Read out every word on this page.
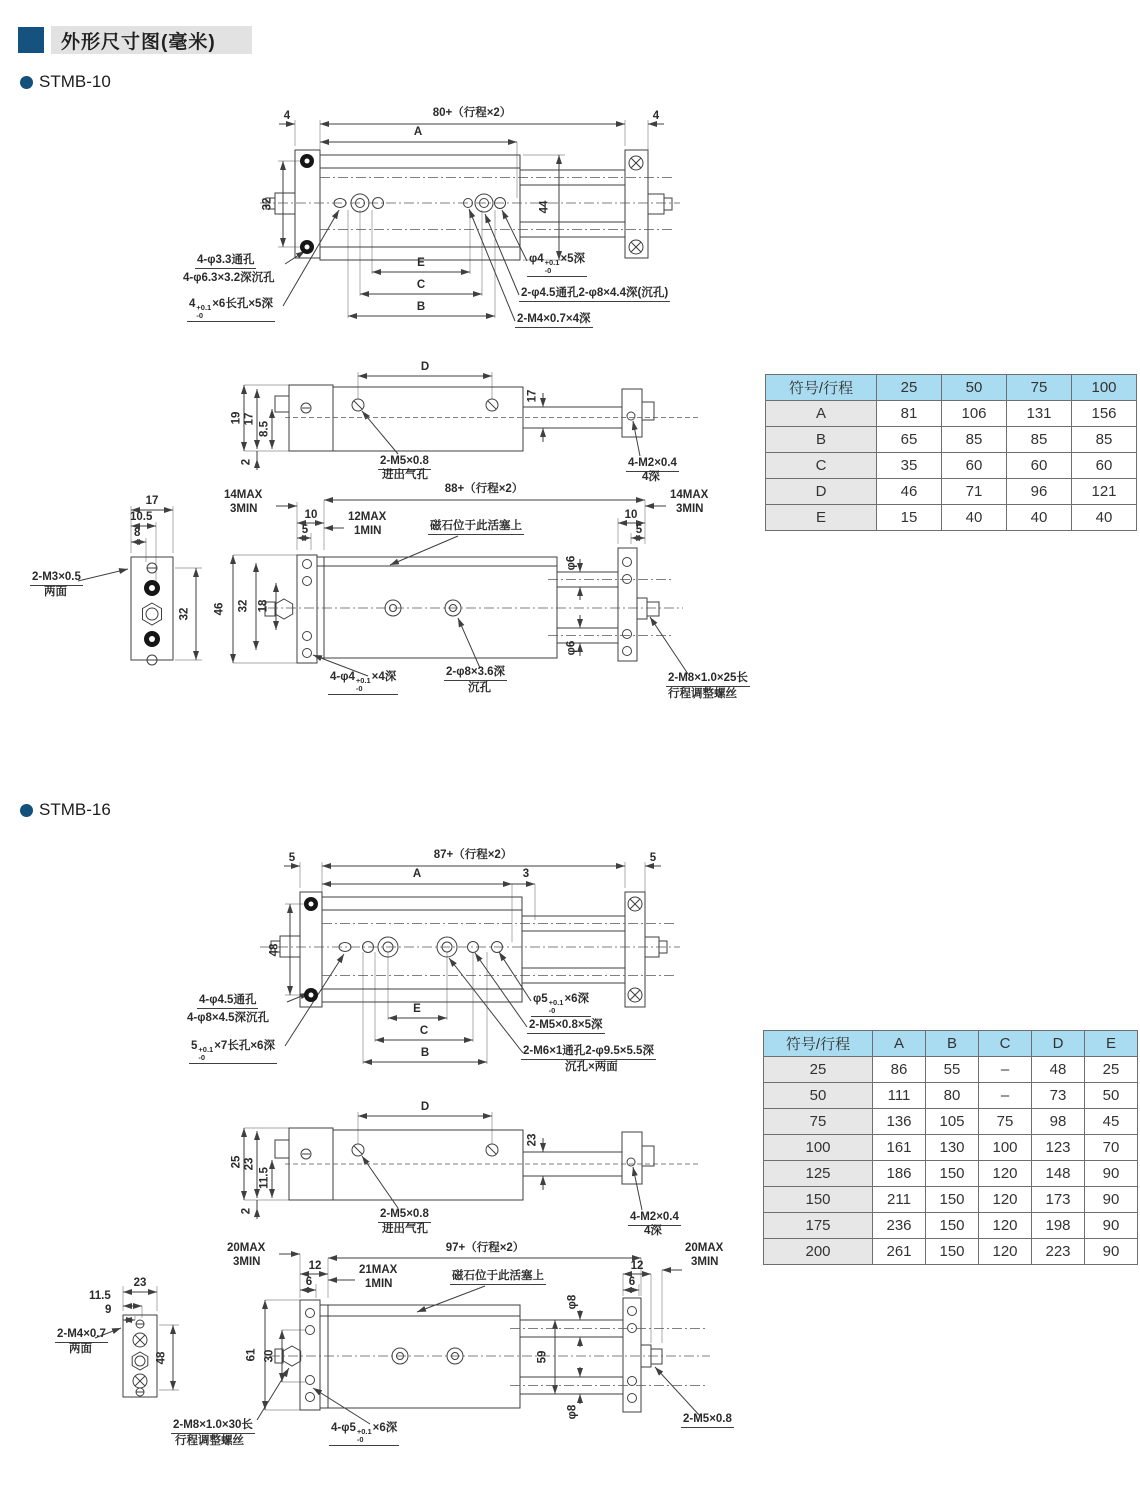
外形尺寸图(毫米)
STMB-10
4	80+（行程×2）	4
A
32	44
E
C
B
4-φ3.3通孔
4-φ6.3×3.2深沉孔
4 +0.1
-0
×6长孔×5深
φ4 +0.1
-0
×5深
2-φ4.5通孔2-φ8×4.4深(沉孔)
2-M4×0.7×4深
D
19 17
8.5
2
17
2-M5×0.8
进出气孔
4-M2×0.4
4深
17
10.5
8
32
2-M3×0.5
两面
14MAX
3MIN	10
5
12MAX
1MIN
88+（行程×2）
磁石位于此活塞上
46 32 18
φ6
φ6
10
5
14MAX
3MIN
4-φ4 +0.1
-0
×4深	2-φ8×3.6深
沉孔
2-M8×1.0×25长
行程调整螺丝
符号/行程	25	50	75	100
A	81	106	131	156
B	65	85	85	85
C	35	60	60	60
D	46	71	96	121
E	15	40	40	40
STMB-16
5	87+（行程×2）	5
A	3
48
E
C
B
4-φ4.5通孔
4-φ8×4.5深沉孔
5 +0.1
-0
×7长孔×6深
φ5 +0.1
-0
×6深
2-M5×0.8×5深
2-M6×1通孔2-φ9.5×5.5深
沉孔×两面
符号/行程	A	B	C	D	E
25	86	55	–	48	25
50	111	80	–	73	50
75	136	105	75	98	45
100	161	130	100	123	70
125	186	150	120	148	90
150	211	150	120	173	90
175	236	150	120	198	90
200	261	150	120	223	90
D
25 23
11.5
2
23
2-M5×0.8
进出气孔
4-M2×0.4
4深
23
11.5
9
48
2-M4×0.7
两面
20MAX
3MIN	12
6
21MAX
1MIN
97+（行程×2）
磁石位于此活塞上
61 30	59
φ8
φ8
12
6
20MAX
3MIN
2-M8×1.0×30长
行程调整螺丝
4-φ5 +0.1
-0
×6深
2-M5×0.8
